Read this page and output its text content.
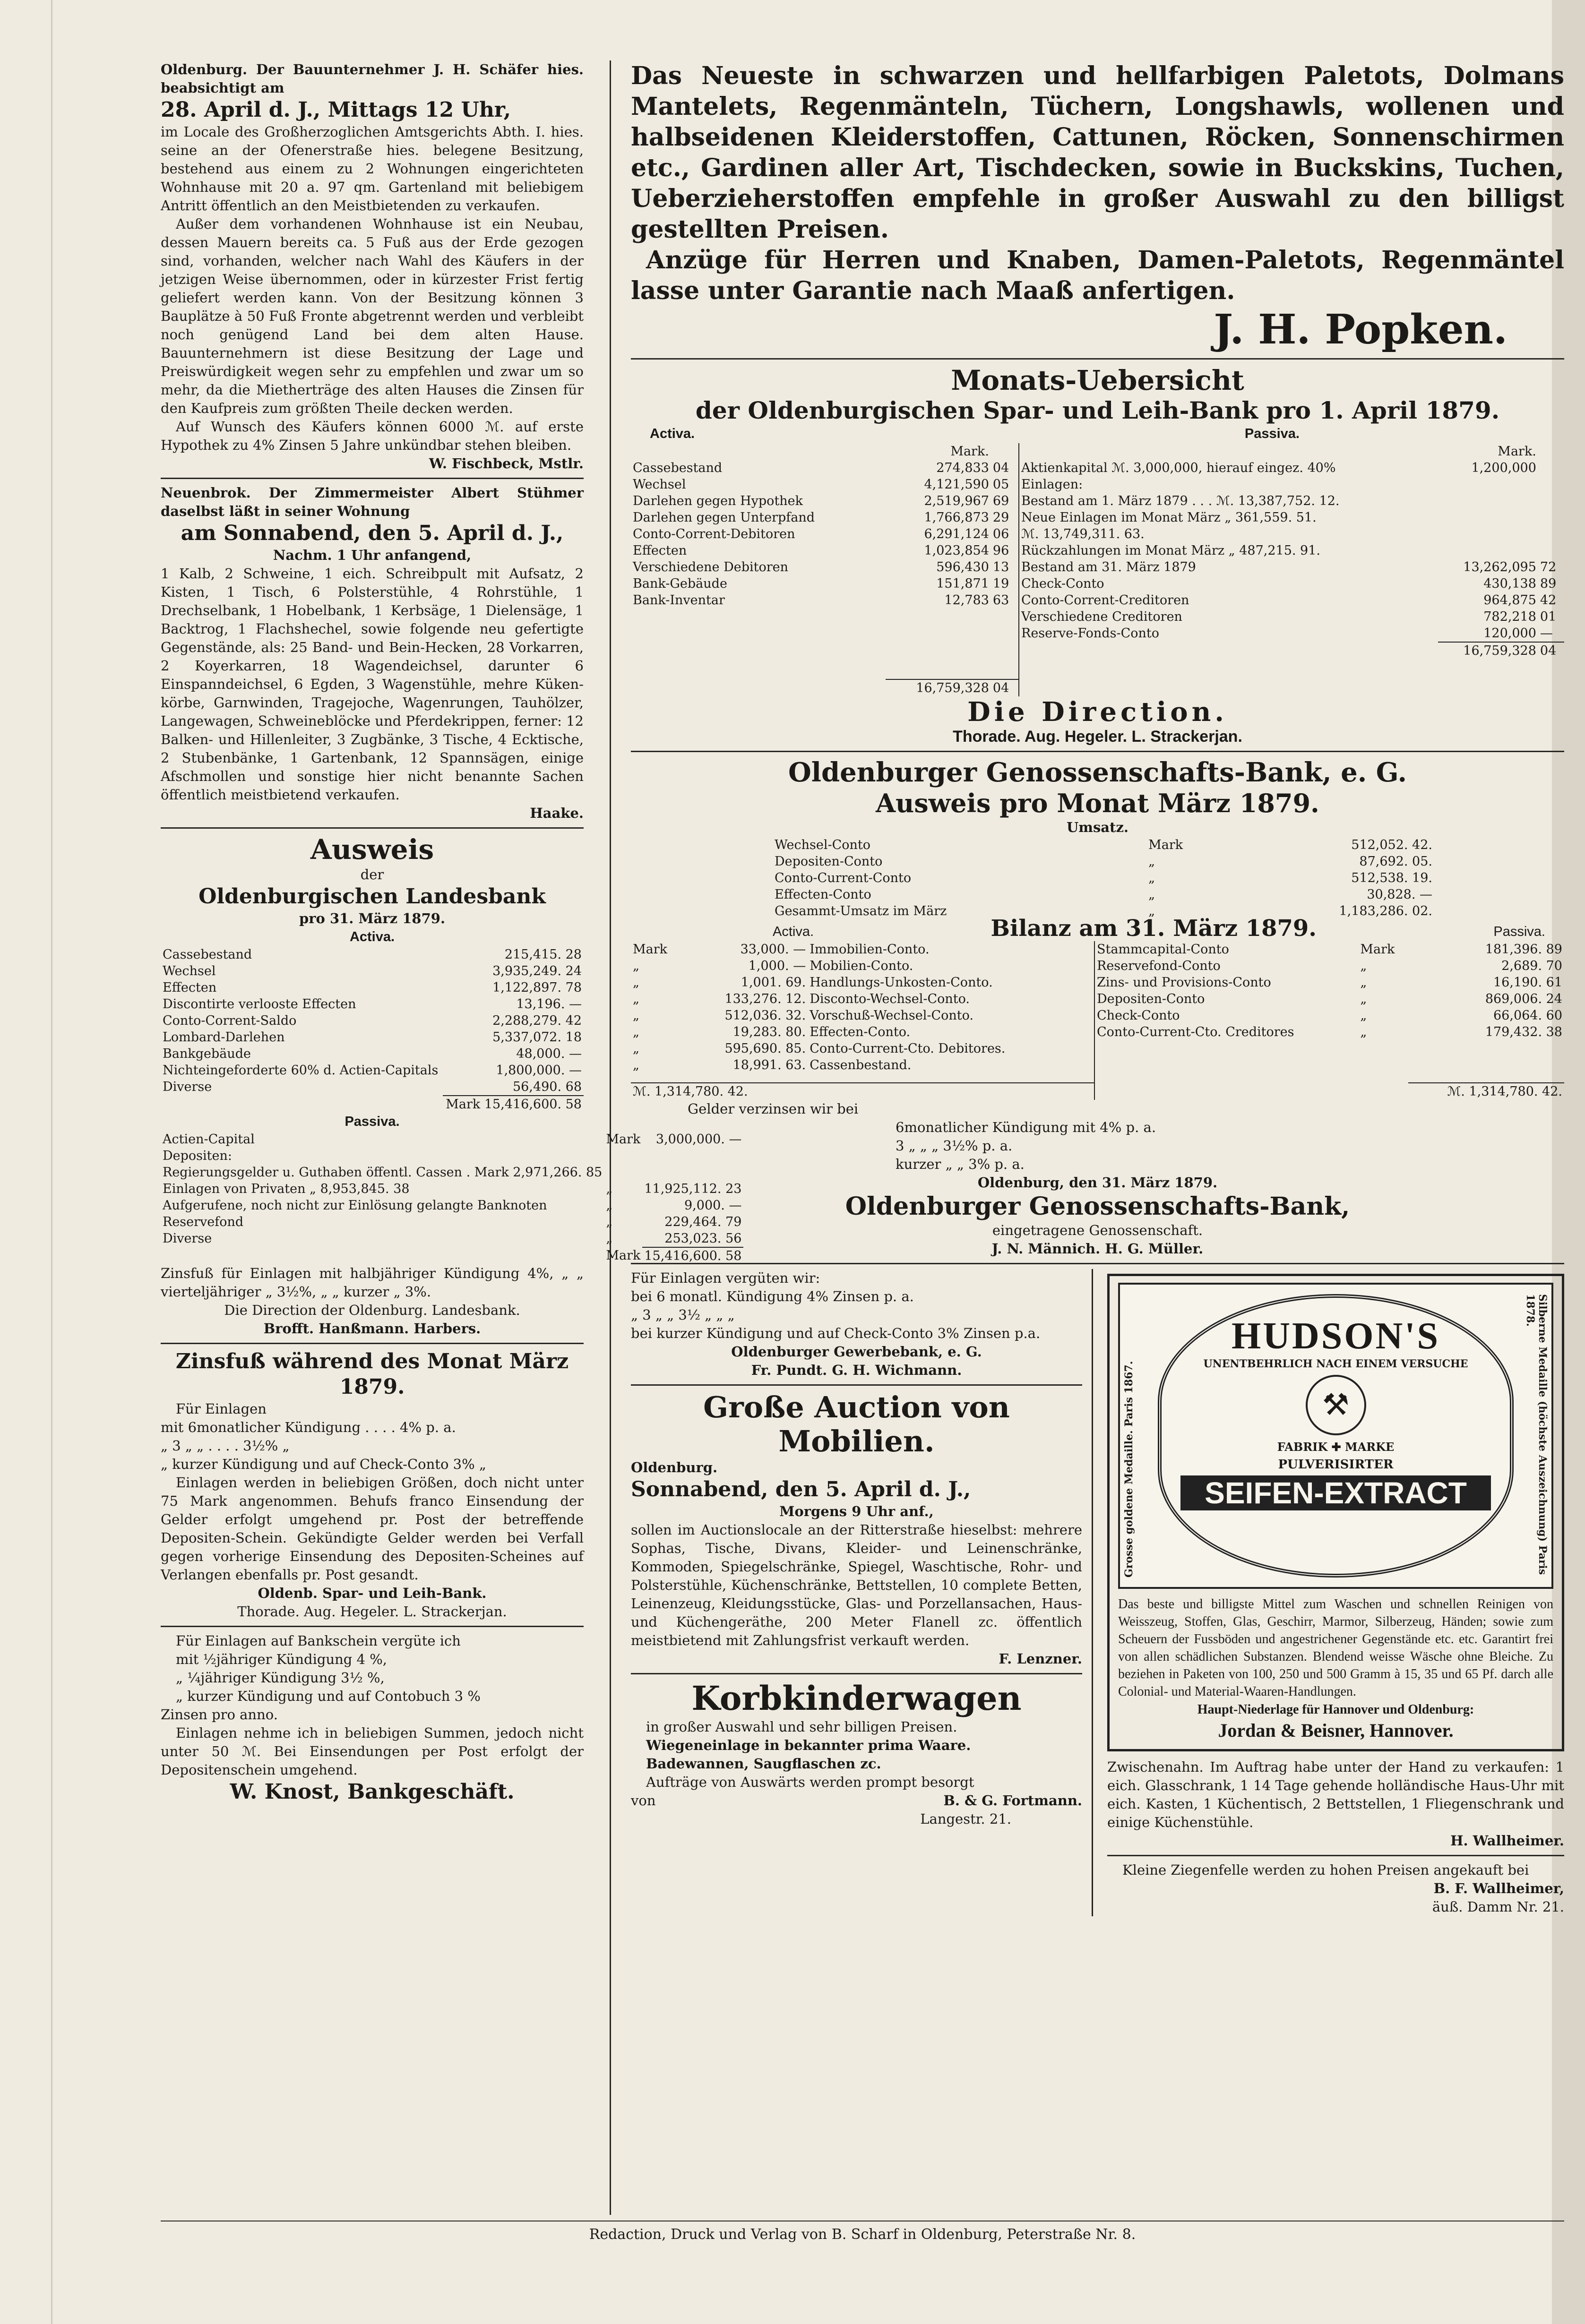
Oldenburg. Der Bauunternehmer J. H. Schäfer hies. beabsichtigt am

28. April d. J., Mittags 12 Uhr,

im Locale des Großherzoglichen Amtsgerichts Abth. I. hies. seine an der Ofenerstraße hies. belegene Besitzung, bestehend aus einem zu 2 Wohnungen eingerichteten Wohnhause mit 20 a. 97 qm. Gartenland mit beliebigem Antritt öffentlich an den Meistbietenden zu verkaufen.

Außer dem vorhandenen Wohnhause ist ein Neubau, dessen Mauern bereits ca. 5 Fuß aus der Erde gezogen sind, vorhanden, welcher nach Wahl des Käufers in der jetzigen Weise übernommen, oder in kürzester Frist fertig geliefert werden kann. Von der Besitzung können 3 Bauplätze à 50 Fuß Fronte abgetrennt werden und verbleibt noch genügend Land bei dem alten Hause. Bauunternehmern ist diese Besitzung der Lage und Preiswürdigkeit wegen sehr zu empfehlen und zwar um so mehr, da die Mietherträge des alten Hauses die Zinsen für den Kaufpreis zum größten Theile decken werden.

Auf Wunsch des Käufers können 6000 ℳ. auf erste Hypothek zu 4% Zinsen 5 Jahre unkündbar stehen bleiben.

W. Fischbeck, Mstlr.

Neuenbrok. Der Zimmermeister Albert Stühmer daselbst läßt in seiner Wohnung

am Sonnabend, den 5. April d. J.,

Nachm. 1 Uhr anfangend,

1 Kalb, 2 Schweine, 1 eich. Schreibpult mit Aufsatz, 2 Kisten, 1 Tisch, 6 Polsterstühle, 4 Rohrstühle, 1 Drechselbank, 1 Hobelbank, 1 Kerbsäge, 1 Dielensäge, 1 Backtrog, 1 Flachshechel, sowie folgende neu gefertigte Gegenstände, als: 25 Band- und Bein-Hecken, 28 Vorkarren, 2 Koyerkarren, 18 Wagendeichsel, darunter 6 Einspanndeichsel, 6 Egden, 3 Wagenstühle, mehre Küken-körbe, Garnwinden, Tragejoche, Wagenrungen, Tauhölzer, Langewagen, Schweineblöcke und Pferdekrippen, ferner: 12 Balken- und Hillenleiter, 3 Zugbänke, 3 Tische, 4 Ecktische, 2 Stubenbänke, 1 Gartenbank, 12 Spannsägen, einige Afschmollen und sonstige hier nicht benannte Sachen öffentlich meistbietend verkaufen.

Haake.

Ausweis

der

Oldenburgischen Landesbank

pro 31. März 1879.

Activa.

Cassebestand	215,415. 28
Wechsel	3,935,249. 24
Effecten	1,122,897. 78
Discontirte verlooste Effecten	13,196. —
Conto-Corrent-Saldo	2,288,279. 42
Lombard-Darlehen	5,337,072. 18
Bankgebäude	48,000. —
Nichteingeforderte 60% d. Actien-Capitals	1,800,000. —
Diverse	56,490. 68
	Mark 15,416,600. 58

Passiva.

Actien-Capital	Mark	3,000,000. —
Depositen:		
Regierungsgelder u. Guthaben öffentl. Cassen . Mark 2,971,266. 85		
Einlagen von Privaten „ 8,953,845. 38	„	11,925,112. 23
Aufgerufene, noch nicht zur Einlösung gelangte Banknoten	„	9,000. —
Reservefond	„	229,464. 79
Diverse	„	253,023. 56
	Mark	15,416,600. 58

Zinsfuß für Einlagen mit halbjähriger Kündigung 4%, „ „ vierteljähriger „ 3½%, „ „ kurzer „ 3%.

Die Direction der Oldenburg. Landesbank.

Brofft. Hanßmann. Harbers.

Zinsfuß während des Monat März

1879.

Für Einlagen

mit 6monatlicher Kündigung . . . . 4% p. a.

„ 3 „ „ . . . . 3½% „

„ kurzer Kündigung und auf Check-Conto 3% „

Einlagen werden in beliebigen Größen, doch nicht unter 75 Mark angenommen. Behufs franco Einsendung der Gelder erfolgt umgehend pr. Post der betreffende Depositen-Schein. Gekündigte Gelder werden bei Verfall gegen vorherige Einsendung des Depositen-Scheines auf Verlangen ebenfalls pr. Post gesandt.

Oldenb. Spar- und Leih-Bank.

Thorade. Aug. Hegeler. L. Strackerjan.

Für Einlagen auf Bankschein vergüte ich

mit ½jähriger Kündigung 4 %,

„ ¼jähriger Kündigung 3½ %,

„ kurzer Kündigung und auf Contobuch 3 %

Zinsen pro anno.

Einlagen nehme ich in beliebigen Summen, jedoch nicht unter 50 ℳ. Bei Einsendungen per Post erfolgt der Depositenschein umgehend.

W. Knost, Bankgeschäft.

Das Neueste in schwarzen und hellfarbigen Paletots, Dolmans Mantelets, Regenmänteln, Tüchern, Longshawls, wollenen und halbseidenen Kleiderstoffen, Cattunen, Röcken, Sonnenschirmen etc., Gardinen aller Art, Tischdecken, sowie in Buckskins, Tuchen, Ueberzieherstoffen empfehle in großer Auswahl zu den billigst gestellten Preisen.

Anzüge für Herren und Knaben, Damen-Paletots, Regenmäntel lasse unter Garantie nach Maaß anfertigen.

J. H. Popken.

Monats-Uebersicht

der Oldenburgischen Spar- und Leih-Bank pro 1. April 1879.

Activa.	Passiva.
	Mark.	
Cassebestand	274,833	04
Wechsel	4,121,590	05
Darlehen gegen Hypothek	2,519,967	69
Darlehen gegen Unterpfand	1,766,873	29
Conto-Corrent-Debitoren	6,291,124	06
Effecten	1,023,854	96
Verschiedene Debitoren	596,430	13
Bank-Gebäude	151,871	19
Bank-Inventar	12,783	63

	16,759,328	04
	Mark.	
Aktienkapital ℳ. 3,000,000, hierauf eingez. 40%	1,200,000	
Einlagen:		
Bestand am 1. März 1879 . . . ℳ. 13,387,752. 12.		
Neue Einlagen im Monat März „ 361,559. 51.		
ℳ. 13,749,311. 63.		
Rückzahlungen im Monat März „ 487,215. 91.		
Bestand am 31. März 1879	13,262,095	72
Check-Conto	430,138	89
Conto-Corrent-Creditoren	964,875	42
Verschiedene Creditoren	782,218	01
Reserve-Fonds-Conto	120,000	—
	16,759,328	04

Die Direction.

Thorade. Aug. Hegeler. L. Strackerjan.

Oldenburger Genossenschafts-Bank, e. G.

Ausweis pro Monat März 1879.

Umsatz.

Wechsel-Conto	Mark	512,052. 42.
Depositen-Conto	„	87,692. 05.
Conto-Current-Conto	„	512,538. 19.
Effecten-Conto	„	30,828. —
Gesammt-Umsatz im März	„	1,183,286. 02.
Activa.	Bilanz am 31. März 1879.	Passiva.
Mark	33,000. —	Immobilien-Conto.
„	1,000. —	Mobilien-Conto.
„	1,001. 69.	Handlungs-Unkosten-Conto.
„	133,276. 12.	Disconto-Wechsel-Conto.
„	512,036. 32.	Vorschuß-Wechsel-Conto.
„	19,283. 80.	Effecten-Conto.
„	595,690. 85.	Conto-Current-Cto. Debitores.
„	18,991. 63.	Cassenbestand.

ℳ. 1,314,780. 42.		
Stammcapital-Conto	Mark	181,396. 89
Reservefond-Conto	„	2,689. 70
Zins- und Provisions-Conto	„	16,190. 61
Depositen-Conto	„	869,006. 24
Check-Conto	„	66,064. 60
Conto-Current-Cto. Creditores	„	179,432. 38

		ℳ. 1,314,780. 42.

Gelder verzinsen wir bei

6monatlicher Kündigung mit 4% p. a.

3 „ „ „ 3½% p. a.

kurzer „ „ 3% p. a.

Oldenburg, den 31. März 1879.

Oldenburger Genossenschafts-Bank,

eingetragene Genossenschaft.

J. N. Männich. H. G. Müller.

Für Einlagen vergüten wir:

bei 6 monatl. Kündigung 4% Zinsen p. a.

„ 3 „ „ 3½ „ „ „

bei kurzer Kündigung und auf Check-Conto 3% Zinsen p.a.

Oldenburger Gewerbebank, e. G.

Fr. Pundt. G. H. Wichmann.

Große Auction von Mobilien.

Oldenburg.

Sonnabend, den 5. April d. J.,

Morgens 9 Uhr anf.,

sollen im Auctionslocale an der Ritterstraße hieselbst: mehrere Sophas, Tische, Divans, Kleider- und Leinenschränke, Kommoden, Spiegelschränke, Spiegel, Waschtische, Rohr- und Polsterstühle, Küchenschränke, Bettstellen, 10 complete Betten, Leinenzeug, Kleidungsstücke, Glas- und Porzellansachen, Haus- und Küchengeräthe, 200 Meter Flanell zc. öffentlich meistbietend mit Zahlungsfrist verkauft werden.

F. Lenzner.

Korbkinderwagen

in großer Auswahl und sehr billigen Preisen.

Wiegeneinlage in bekannter prima Waare.

Badewannen, Saugflaschen zc.

Aufträge von Auswärts werden prompt besorgt

von	B. & G. Fortmann.

Langestr. 21.

Grosse goldene Medaille. Paris 1867.	Silberne Medaille (höchste Auszeichnung) Paris 1878.
HUDSON'S
UNENTBEHRLICH NACH EINEM VERSUCHE
⚒
FABRIK ✚ MARKE
PULVERISIRTER
SEIFEN-EXTRACT

Das beste und billigste Mittel zum Waschen und schnellen Reinigen von Weisszeug, Stoffen, Glas, Geschirr, Marmor, Silberzeug, Händen; sowie zum Scheuern der Fussböden und angestrichener Gegenstände etc. etc. Garantirt frei von allen schädlichen Substanzen. Blendend weisse Wäsche ohne Bleiche. Zu beziehen in Paketen von 100, 250 und 500 Gramm à 15, 35 und 65 Pf. darch alle Colonial- und Material-Waaren-Handlungen.

Haupt-Niederlage für Hannover und Oldenburg:

Jordan & Beisner, Hannover.

Zwischenahn. Im Auftrag habe unter der Hand zu verkaufen: 1 eich. Glasschrank, 1 14 Tage gehende holländische Haus-Uhr mit eich. Kasten, 1 Küchentisch, 2 Bettstellen, 1 Fliegenschrank und einige Küchenstühle.

H. Wallheimer.

Kleine Ziegenfelle werden zu hohen Preisen angekauft bei

B. F. Wallheimer,

äuß. Damm Nr. 21.

Redaction, Druck und Verlag von B. Scharf in Oldenburg, Peterstraße Nr. 8.
